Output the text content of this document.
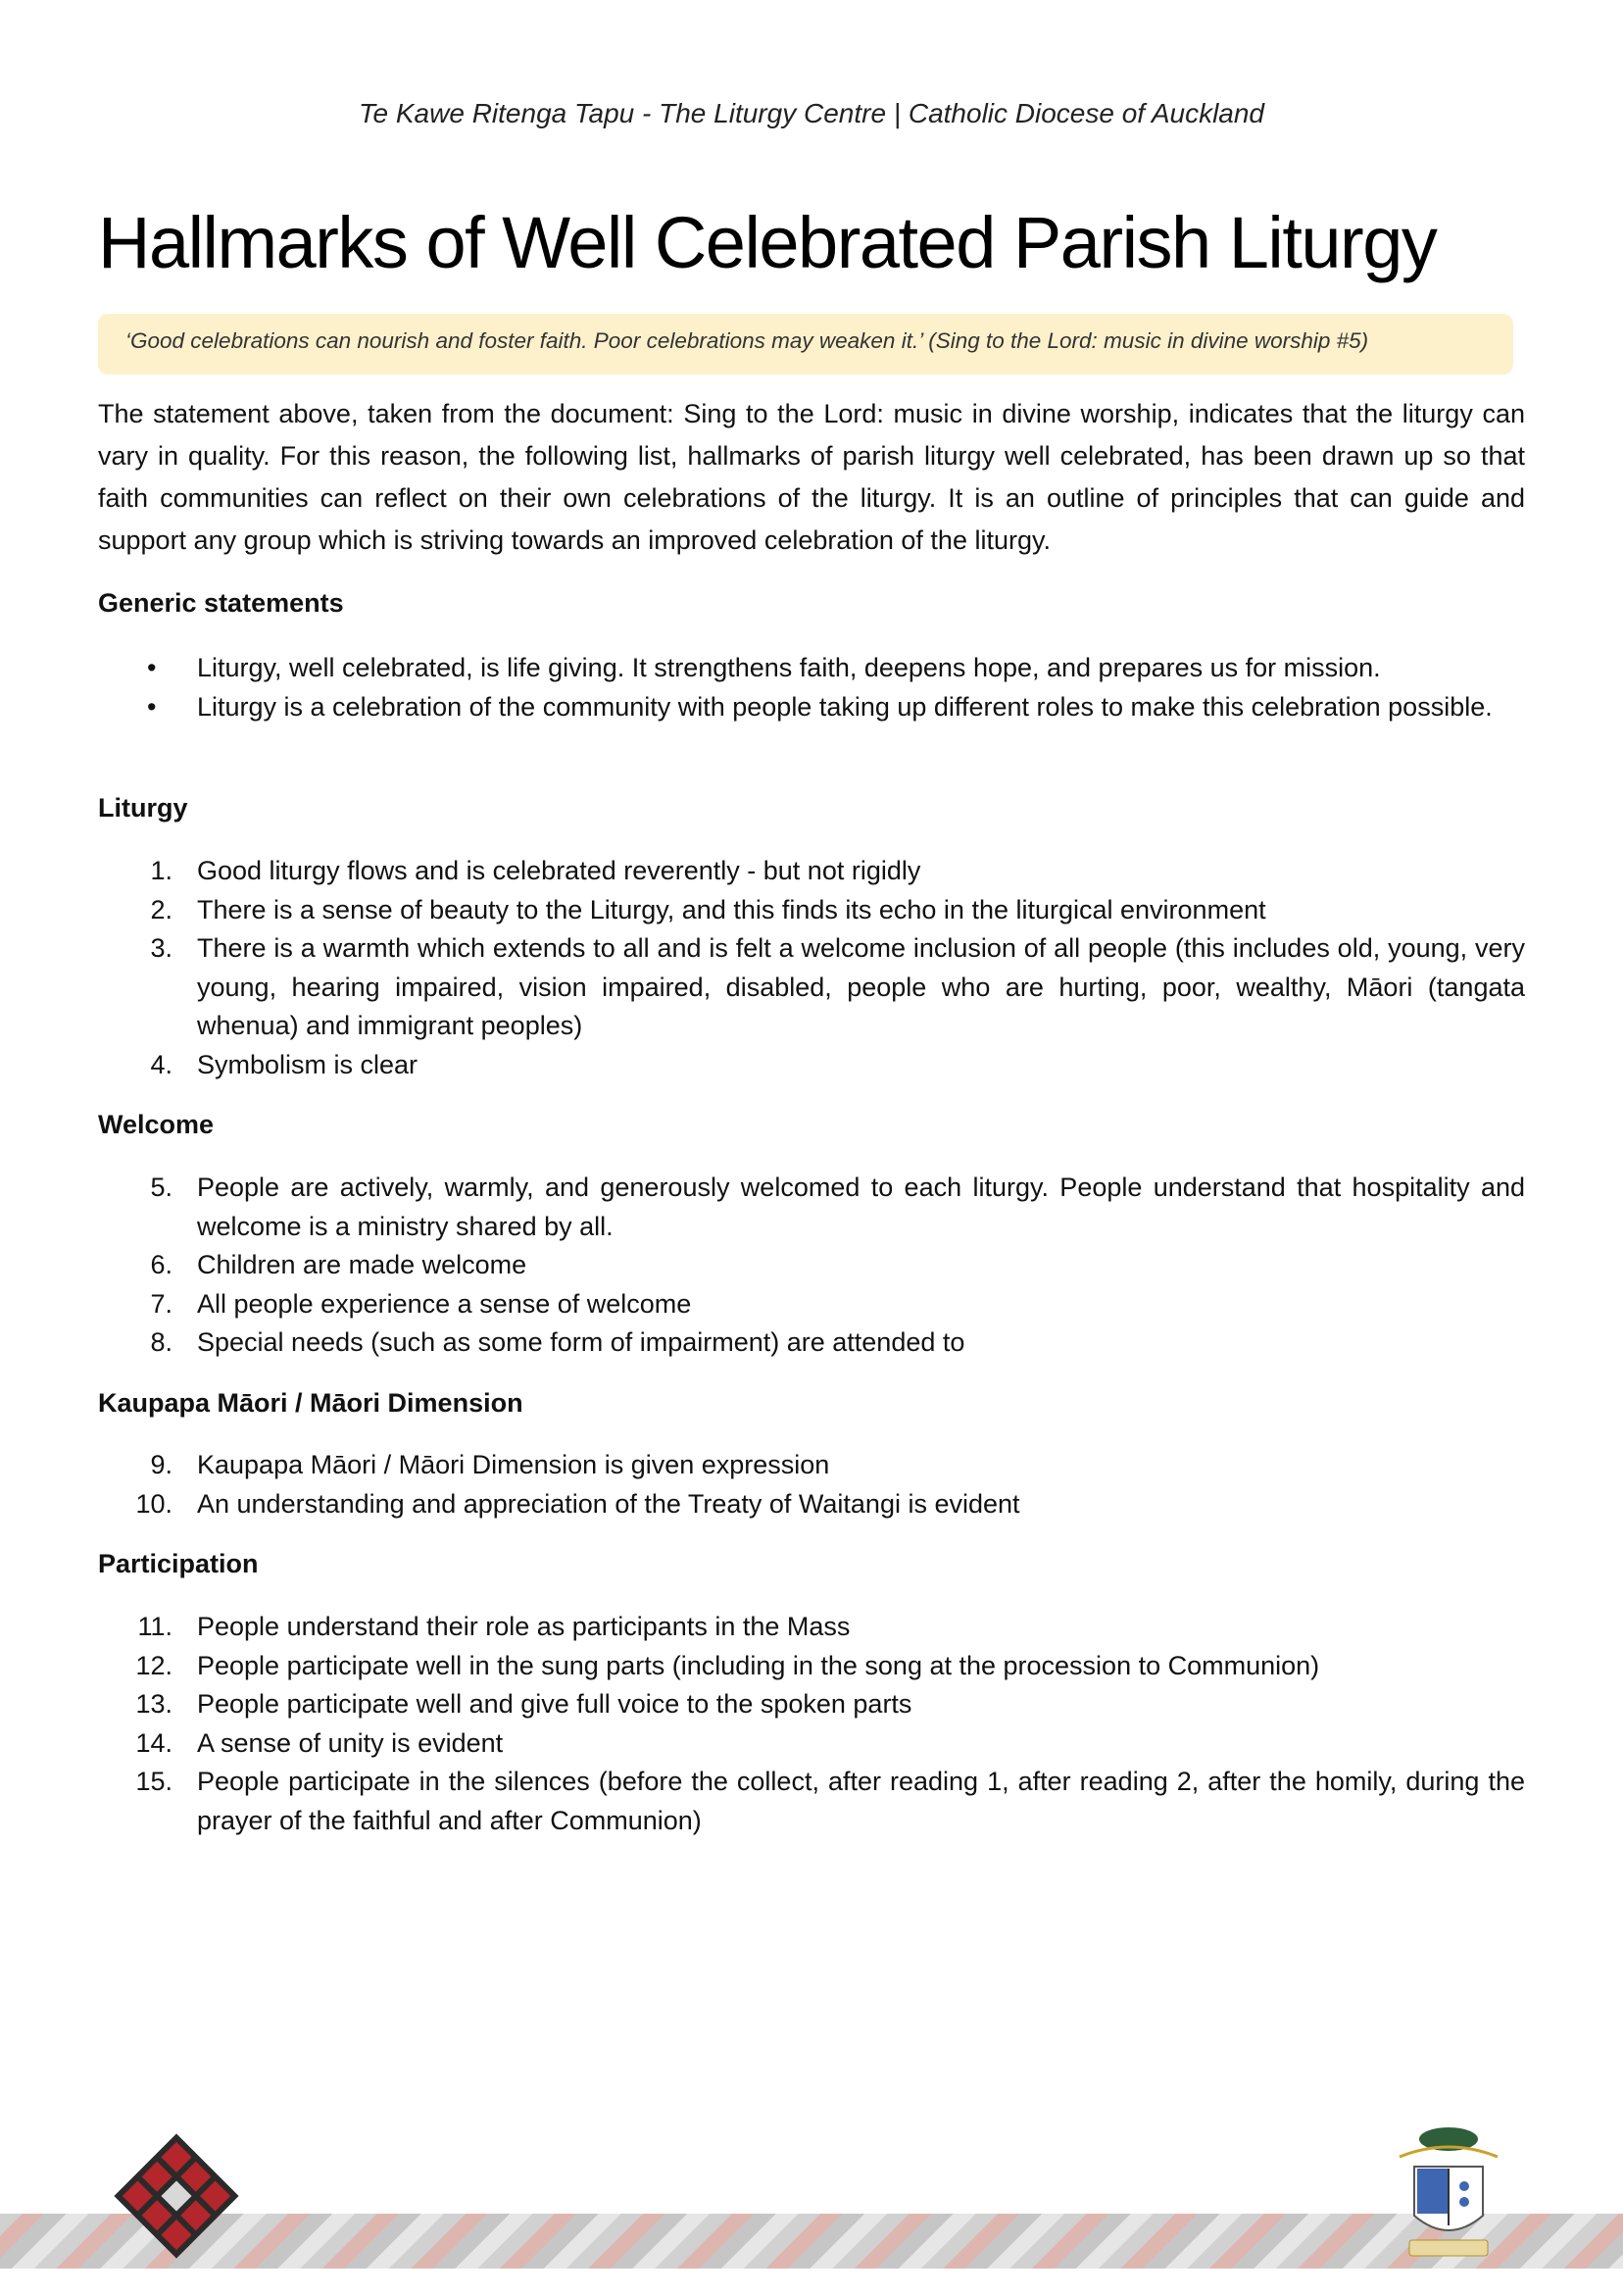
Te Kawe Ritenga Tapu - The Liturgy Centre | Catholic Diocese of Auckland
Hallmarks of Well Celebrated Parish Liturgy
‘Good celebrations can nourish and foster faith. Poor celebrations may weaken it.’ (Sing to the Lord: music in divine worship #5)

The statement above, taken from the document: Sing to the Lord: music in divine worship, indicates that the liturgy can vary in quality. For this reason, the following list, hallmarks of parish liturgy well celebrated, has been drawn up so that faith communities can reflect on their own celebrations of the liturgy. It is an outline of principles that can guide and support any group which is striving towards an improved celebration of the liturgy.

Generic statements
• Liturgy, well celebrated, is life giving. It strengthens faith, deepens hope, and prepares us for mission.
• Liturgy is a celebration of the community with people taking up different roles to make this celebration possible.
Liturgy
1. Good liturgy flows and is celebrated reverently - but not rigidly
2. There is a sense of beauty to the Liturgy, and this finds its echo in the liturgical environment
3. There is a warmth which extends to all and is felt a welcome inclusion of all people (this includes old, young, very young, hearing impaired, vision impaired, disabled, people who are hurting, poor, wealthy, Māori (tangata whenua) and immigrant peoples)
4. Symbolism is clear
Welcome
5. People are actively, warmly, and generously welcomed to each liturgy. People understand that hospitality and welcome is a ministry shared by all.
6. Children are made welcome
7. All people experience a sense of welcome
8. Special needs (such as some form of impairment) are attended to
Kaupapa Māori / Māori Dimension
9. Kaupapa Māori / Māori Dimension is given expression
10. An understanding and appreciation of the Treaty of Waitangi is evident
Participation
11. People understand their role as participants in the Mass
12. People participate well in the sung parts (including in the song at the procession to Communion)
13. People participate well and give full voice to the spoken parts
14. A sense of unity is evident
15. People participate in the silences (before the collect, after reading 1, after reading 2, after the homily, during the prayer of the faithful and after Communion)
